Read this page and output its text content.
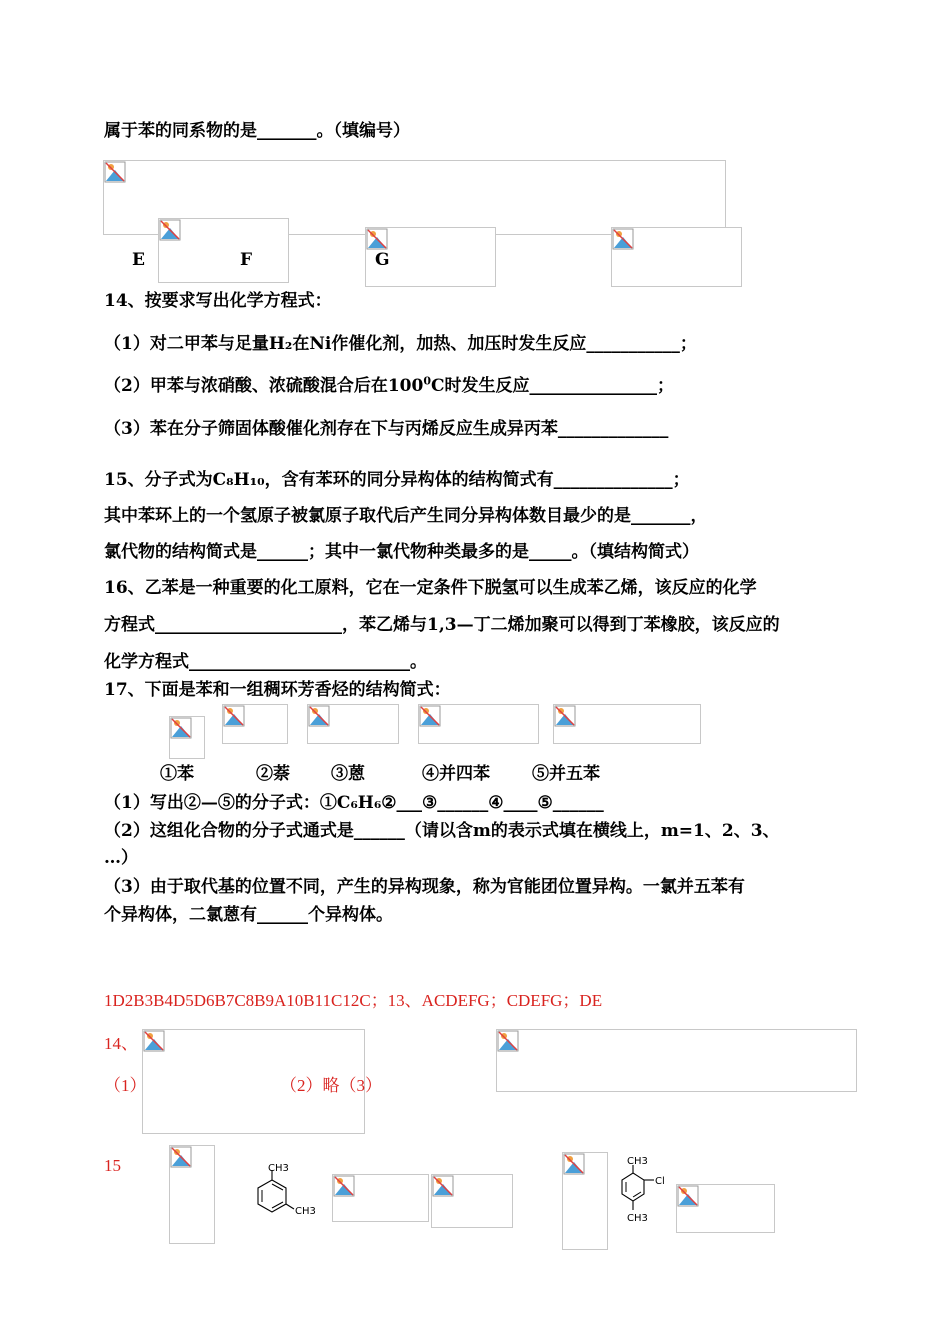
属于苯的同系物的是_______。（填编号）
E	F	G
14、按要求写出化学方程式：
（1）对二甲苯与足量H₂在Ni作催化剂，加热、加压时发生反应___________；
（2）甲苯与浓硝酸、浓硫酸混合后在$100^0C$时发生反应_______________；
（3）苯在分子筛固体酸催化剂存在下与丙烯反应生成异丙苯_____________
15、分子式为C₈H₁₀，含有苯环的同分异构体的结构简式有______________；
其中苯环上的一个氢原子被氯原子取代后产生同分异构体数目最少的是_______，
氯代物的结构简式是______；其中一氯代物种类最多的是_____。（填结构简式）
16、乙苯是一种重要的化工原料，它在一定条件下脱氢可以生成苯乙烯，该反应的化学
方程式______________________，苯乙烯与1,3—丁二烯加聚可以得到丁苯橡胶，该反应的
化学方程式__________________________。
17、下面是苯和一组稠环芳香烃的结构简式：
①苯	②萘 ③蒽	④并四苯 ⑤并五苯
（1）写出②—⑤的分子式：①C₆H₆②___③______④____⑤______
（2）这组化合物的分子式通式是______（请以含m的表示式填在横线上，m=1、2、3、
…）
（3）由于取代基的位置不同，产生的异构现象，称为官能团位置异构。一氯并五苯有
个异构体，二氯蒽有______个异构体。
1D2B3B4D5D6B7C8B9A10B11C12C；13、ACDEFG；CDEFG；DE
14、
（1）	（2）略（3）
15	CH3
CH3
CH3
Cl
CH3
